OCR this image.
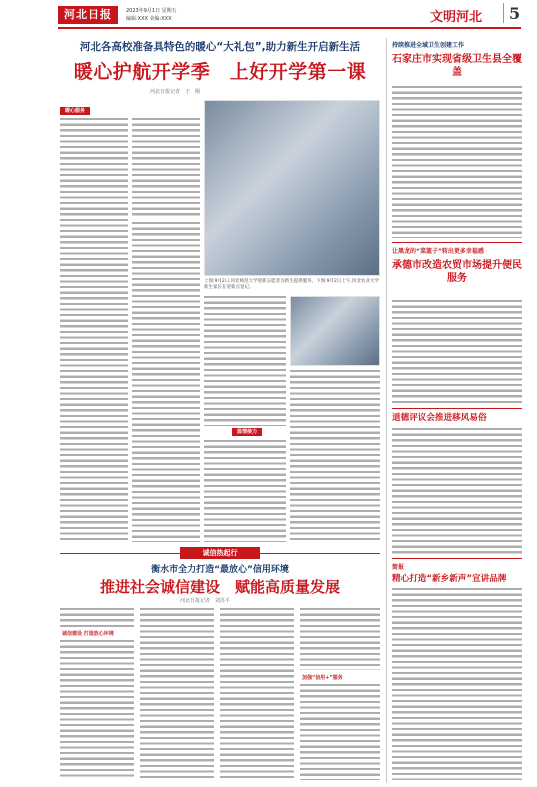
河北日报	2023年9月1日 星期五
编辑:XXX 美编:XXX	文明河北 5
河北各高校准备具特色的暖心“大礼包”,助力新生开启新生活
暖心护航开学季　上好开学第一课
河北日报记者　王　刚
暖心服务
上图:9月2日,河北师范大学迎新志愿者为新生提供服务。下图:9月2日上午,河北农业大学新生家长在迎新点登记。
温情接力
诚信热起行
衡水市全力打造“最放心”信用环境
推进社会诚信建设　赋能高质量发展
河北日报记者　刘苏平
诚信建设 打造放心环境
加强“信用+”服务
持续推进全域卫生创建工作
石家庄市实现省级卫生县全覆盖
让黑龙的“菜篮子”转出更多幸福感
承德市改造农贸市场提升便民服务
道德评议会推进移风易俗
简报
精心打造“新乡新声”宣讲品牌
